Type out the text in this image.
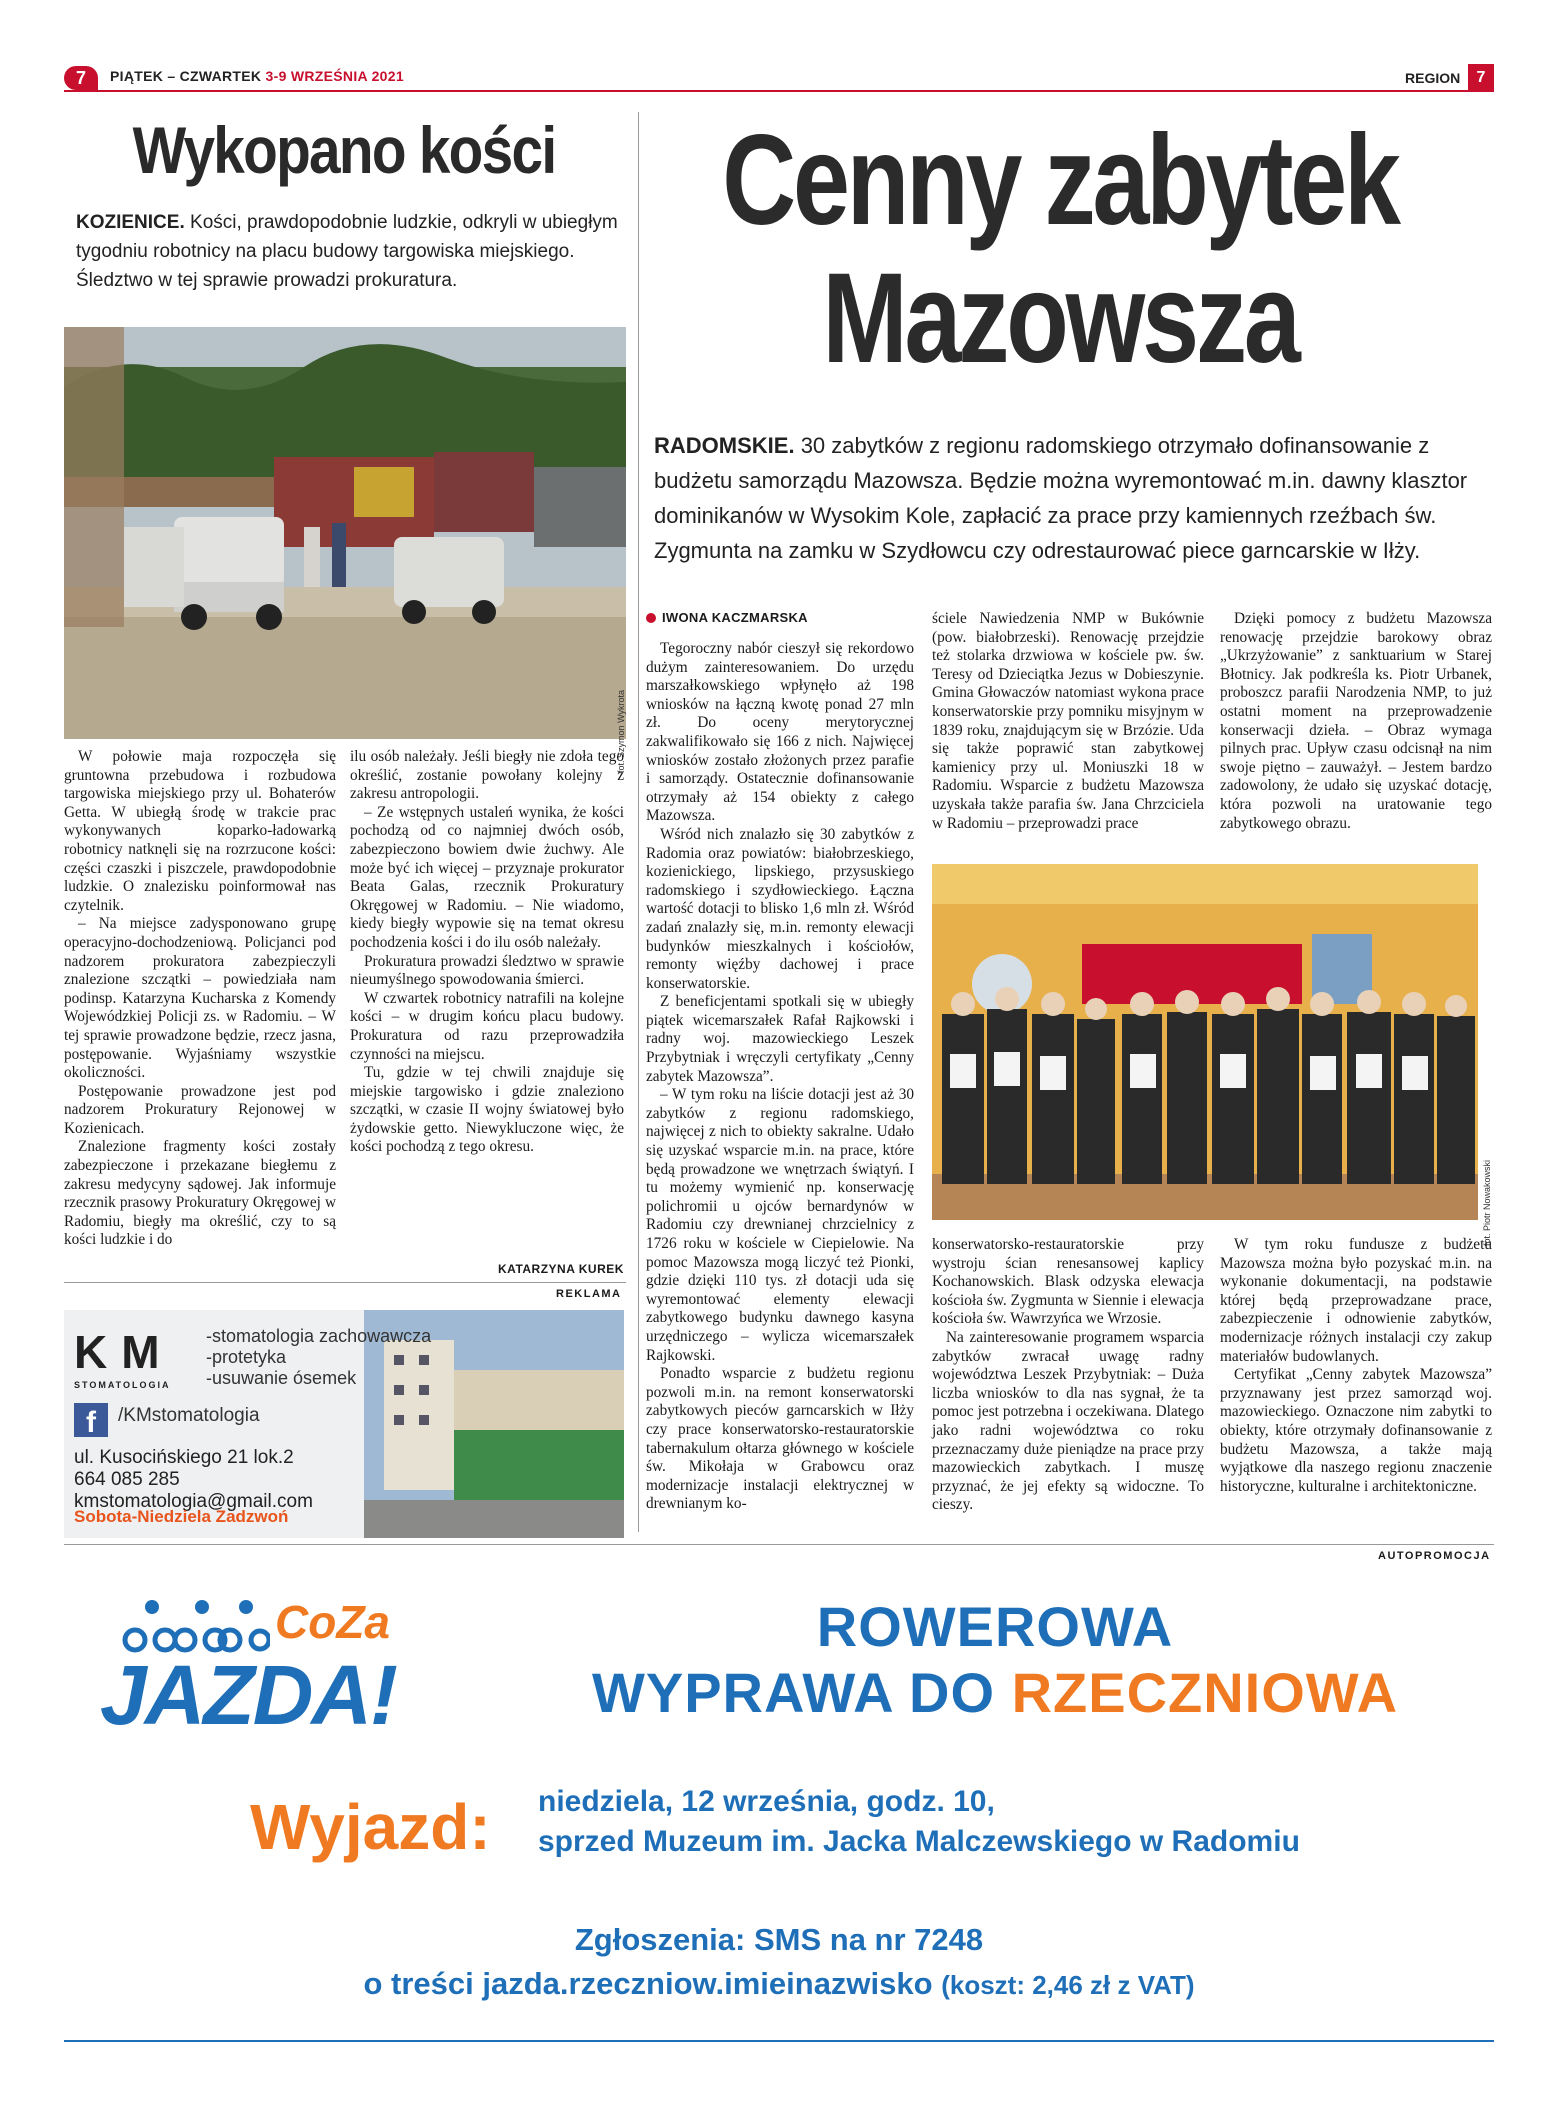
7	PIĄTEK – CZWARTEK 3-9 WRZEŚNIA 2021	REGION	7
Wykopano kości
KOZIENICE. Kości, prawdopodobnie ludzkie, odkryli w ubiegłym tygodniu robotnicy na placu budowy targowiska miejskiego. Śledztwo w tej sprawie prowadzi prokuratura.
fot. Szymon Wykrota

W połowie maja rozpoczęła się gruntowna przebudowa i rozbudowa targowiska miejskiego przy ul. Bohaterów Getta. W ubiegłą środę w trakcie prac wykonywanych koparko-ładowarką robotnicy natknęli się na rozrzucone kości: części czaszki i piszczele, prawdopodobnie ludzkie. O znalezisku poinformował nas czytelnik.

– Na miejsce zadysponowano grupę operacyjno-dochodzeniową. Policjanci pod nadzorem prokuratora zabezpieczyli znalezione szczątki – powiedziała nam podinsp. Katarzyna Kucharska z Komendy Wojewódzkiej Policji zs. w Radomiu. – W tej sprawie prowadzone będzie, rzecz jasna, postępowanie. Wyjaśniamy wszystkie okoliczności.

Postępowanie prowadzone jest pod nadzorem Prokuratury Rejonowej w Kozienicach.

Znalezione fragmenty kości zostały zabezpieczone i przekazane biegłemu z zakresu medycyny sądowej. Jak informuje rzecznik prasowy Prokuratury Okręgowej w Radomiu, biegły ma określić, czy to są kości ludzkie i do

ilu osób należały. Jeśli biegły nie zdoła tego określić, zostanie powołany kolejny z zakresu antropologii.

– Ze wstępnych ustaleń wynika, że kości pochodzą od co najmniej dwóch osób, zabezpieczono bowiem dwie żuchwy. Ale może być ich więcej – przyznaje prokurator Beata Galas, rzecznik Prokuratury Okręgowej w Radomiu. – Nie wiadomo, kiedy biegły wypowie się na temat okresu pochodzenia kości i do ilu osób należały.

Prokuratura prowadzi śledztwo w sprawie nieumyślnego spowodowania śmierci.

W czwartek robotnicy natrafili na kolejne kości – w drugim końcu placu budowy. Prokuratura od razu przeprowadziła czynności na miejscu.

Tu, gdzie w tej chwili znajduje się miejskie targowisko i gdzie znaleziono szczątki, w czasie II wojny światowej było żydowskie getto. Niewykluczone więc, że kości pochodzą z tego okresu.

KATARZYNA KUREK
REKLAMA
KM
STOMATOLOGIA
-stomatologia zachowawcza
-protetyka
-usuwanie ósemek
f	/KMstomatologia
ul. Kusocińskiego 21 lok.2
664 085 285
kmstomatologia@gmail.com
Sobota-Niedziela Zadzwoń
Cenny zabytek
Mazowsza
RADOMSKIE. 30 zabytków z regionu radomskiego otrzymało dofinansowanie z budżetu samorządu Mazowsza. Będzie można wyremontować m.in. dawny klasztor dominikanów w Wysokim Kole, zapłacić za prace przy kamiennych rzeźbach św. Zygmunta na zamku w Szydłowcu czy odrestaurować piece garncarskie w Iłży.
IWONA KACZMARSKA

Tegoroczny nabór cieszył się rekordowo dużym zainteresowaniem. Do urzędu marszałkowskiego wpłynęło aż 198 wniosków na łączną kwotę ponad 27 mln zł. Do oceny merytorycznej zakwalifikowało się 166 z nich. Najwięcej wniosków zostało złożonych przez parafie i samorządy. Ostatecznie dofinansowanie otrzymały aż 154 obiekty z całego Mazowsza.

Wśród nich znalazło się 30 zabytków z Radomia oraz powiatów: białobrzeskiego, kozienickiego, lipskiego, przysuskiego radomskiego i szydłowieckiego. Łączna wartość dotacji to blisko 1,6 mln zł. Wśród zadań znalazły się, m.in. remonty elewacji budynków mieszkalnych i kościołów, remonty więźby dachowej i prace konserwatorskie.

Z beneficjentami spotkali się w ubiegły piątek wicemarszałek Rafał Rajkowski i radny woj. mazowieckiego Leszek Przybytniak i wręczyli certyfikaty „Cenny zabytek Mazowsza”.

– W tym roku na liście dotacji jest aż 30 zabytków z regionu radomskiego, najwięcej z nich to obiekty sakralne. Udało się uzyskać wsparcie m.in. na prace, które będą prowadzone we wnętrzach świątyń. I tu możemy wymienić np. konserwację polichromii u ojców bernardynów w Radomiu czy drewnianej chrzcielnicy z 1726 roku w kościele w Ciepielowie. Na pomoc Mazowsza mogą liczyć też Pionki, gdzie dzięki 110 tys. zł dotacji uda się wyremontować elementy elewacji zabytkowego budynku dawnego kasyna urzędniczego – wylicza wicemarszałek Rajkowski.

Ponadto wsparcie z budżetu regionu pozwoli m.in. na remont konserwatorski zabytkowych pieców garncarskich w Iłży czy prace konserwatorsko-restauratorskie tabernakulum ołtarza głównego w kościele św. Mikołaja w Grabowcu oraz modernizacje instalacji elektrycznej w drewnianym ko-

ściele Nawiedzenia NMP w Bukównie (pow. białobrzeski). Renowację przejdzie też stolarka drzwiowa w kościele pw. św. Teresy od Dzieciątka Jezus w Dobieszynie. Gmina Głowaczów natomiast wykona prace konserwatorskie przy pomniku misyjnym w 1839 roku, znajdującym się w Brzózie. Uda się także poprawić stan zabytkowej kamienicy przy ul. Moniuszki 18 w Radomiu. Wsparcie z budżetu Mazowsza uzyskała także parafia św. Jana Chrzciciela w Radomiu – przeprowadzi prace

Dzięki pomocy z budżetu Mazowsza renowację przejdzie barokowy obraz „Ukrzyżowanie” z sanktuarium w Starej Błotnicy. Jak podkreśla ks. Piotr Urbanek, proboszcz parafii Narodzenia NMP, to już ostatni moment na przeprowadzenie konserwacji dzieła. – Obraz wymaga pilnych prac. Upływ czasu odcisnął na nim swoje piętno – zauważył. – Jestem bardzo zadowolony, że udało się uzyskać dotację, która pozwoli na uratowanie tego zabytkowego obrazu.

fot. Piotr Nowakowski

konserwatorsko-restauratorskie przy wystroju ścian renesansowej kaplicy Kochanowskich. Blask odzyska elewacja kościoła św. Zygmunta w Siennie i elewacja kościoła św. Wawrzyńca we Wrzosie.

Na zainteresowanie programem wsparcia zabytków zwracał uwagę radny województwa Leszek Przybytniak: – Duża liczba wniosków to dla nas sygnał, że ta pomoc jest potrzebna i oczekiwana. Dlatego jako radni województwa co roku przeznaczamy duże pieniądze na prace przy mazowieckich zabytkach. I muszę przyznać, że jej efekty są widoczne. To cieszy.

W tym roku fundusze z budżetu Mazowsza można było pozyskać m.in. na wykonanie dokumentacji, na podstawie której będą przeprowadzane prace, zabezpieczenie i odnowienie zabytków, modernizacje różnych instalacji czy zakup materiałów budowlanych.

Certyfikat „Cenny zabytek Mazowsza” przyznawany jest przez samorząd woj. mazowieckiego. Oznaczone nim zabytki to obiekty, które otrzymały dofinansowanie z budżetu Mazowsza, a także mają wyjątkowe dla naszego regionu znaczenie historyczne, kulturalne i architektoniczne.

AUTOPROMOCJA
CoZa
JAZDA!
ROWEROWA
WYPRAWA DO RZECZNIOWA
Wyjazd: niedziela, 12 września, godz. 10,
sprzed Muzeum im. Jacka Malczewskiego w Radomiu
Zgłoszenia: SMS na nr 7248
o treści jazda.rzeczniow.imieinazwisko (koszt: 2,46 zł z VAT)
